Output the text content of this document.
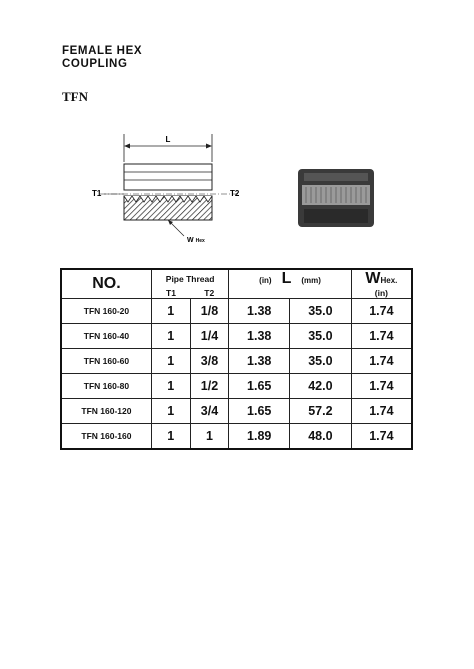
FEMALE HEX
COUPLING
TFN
L
T1	T2
W Hex
NO.	Pipe Thread		(in) L (mm)		WHex.
	T1	T2			(in)
TFN 160-20	1	1/8	1.38	35.0	1.74
TFN 160-40	1	1/4	1.38	35.0	1.74
TFN 160-60	1	3/8	1.38	35.0	1.74
TFN 160-80	1	1/2	1.65	42.0	1.74
TFN 160-120	1	3/4	1.65	57.2	1.74
TFN 160-160	1	1	1.89	48.0	1.74
